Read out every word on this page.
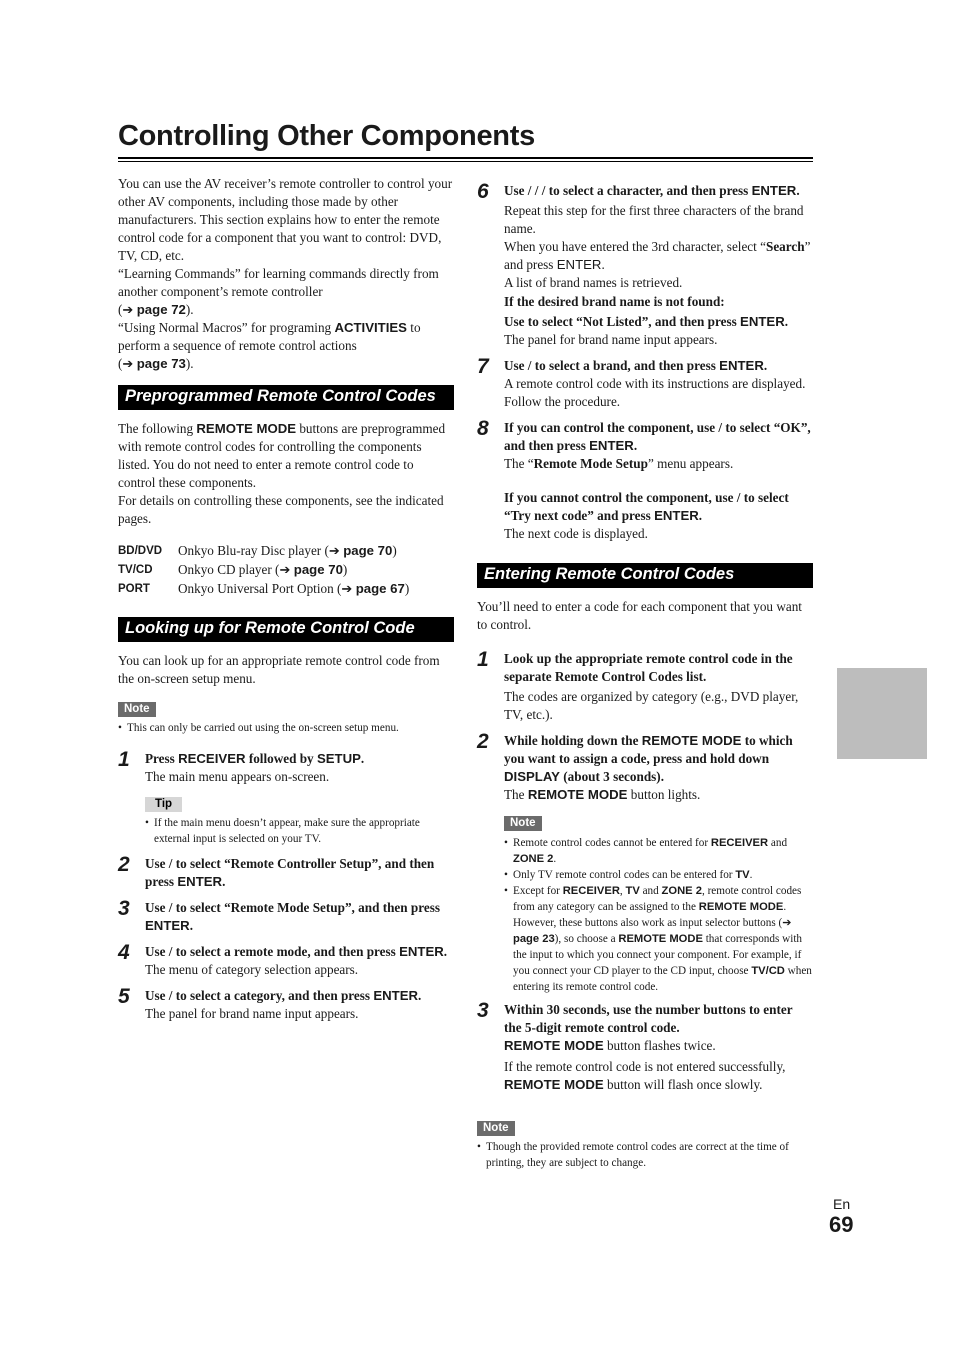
Controlling Other Components

You can use the AV receiver’s remote controller to control your other AV components, including those made by other manufacturers. This section explains how to enter the remote control code for a component that you want to control: DVD, TV, CD, etc.

“Learning Commands” for learning commands directly from another component’s remote controller
(➔ page 72).

“Using Normal Macros” for programing ACTIVITIES to perform a sequence of remote control actions
(➔ page 73).

Preprogrammed Remote Control Codes

The following REMOTE MODE buttons are preprogrammed with remote control codes for controlling the components listed. You do not need to enter a remote control code to control these components.

For details on controlling these components, see the indicated pages.

BD/DVD	Onkyo Blu-ray Disc player (➔ page 70)
TV/CD	Onkyo CD player (➔ page 70)
PORT	Onkyo Universal Port Option (➔ page 67)
Looking up for Remote Control Code

You can look up for an appropriate remote control code from the on-screen setup menu.

Note
• This can only be carried out using the on-screen setup menu.
1 Press RECEIVER followed by SETUP.

The main menu appears on-screen.

Tip
• If the main menu doesn’t appear, make sure the appropriate external input is selected on your TV.
2 Use / to select “Remote Controller Setup”, and then press ENTER.

3 Use / to select “Remote Mode Setup”, and then press ENTER.

4 Use / to select a remote mode, and then press ENTER.

The menu of category selection appears.

5 Use / to select a category, and then press ENTER.

The panel for brand name input appears.

6 Use / / / to select a character, and then press ENTER.

Repeat this step for the first three characters of the brand name.

When you have entered the 3rd character, select “Search” and press ENTER.

A list of brand names is retrieved.

If the desired brand name is not found:

Use to select “Not Listed”, and then press ENTER.

The panel for brand name input appears.

7 Use / to select a brand, and then press ENTER.

A remote control code with its instructions are displayed. Follow the procedure.

8 If you can control the component, use / to select “OK”, and then press ENTER.

The “Remote Mode Setup” menu appears.

If you cannot control the component, use / to select “Try next code” and press ENTER.

The next code is displayed.

Entering Remote Control Codes

You’ll need to enter a code for each component that you want to control.

1 Look up the appropriate remote control code in the separate Remote Control Codes list.

The codes are organized by category (e.g., DVD player, TV, etc.).

2 While holding down the REMOTE MODE to which you want to assign a code, press and hold down DISPLAY (about 3 seconds).

The REMOTE MODE button lights.

Note
• Remote control codes cannot be entered for RECEIVER and ZONE 2.
• Only TV remote control codes can be entered for TV.
• Except for RECEIVER, TV and ZONE 2, remote control codes from any category can be assigned to the REMOTE MODE. However, these buttons also work as input selector buttons (➔ page 23), so choose a REMOTE MODE that corresponds with the input to which you connect your component. For example, if you connect your CD player to the CD input, choose TV/CD when entering its remote control code.
3 Within 30 seconds, use the number buttons to enter the 5-digit remote control code.

REMOTE MODE button flashes twice.

If the remote control code is not entered successfully, REMOTE MODE button will flash once slowly.

Note
• Though the provided remote control codes are correct at the time of printing, they are subject to change.
En
69
